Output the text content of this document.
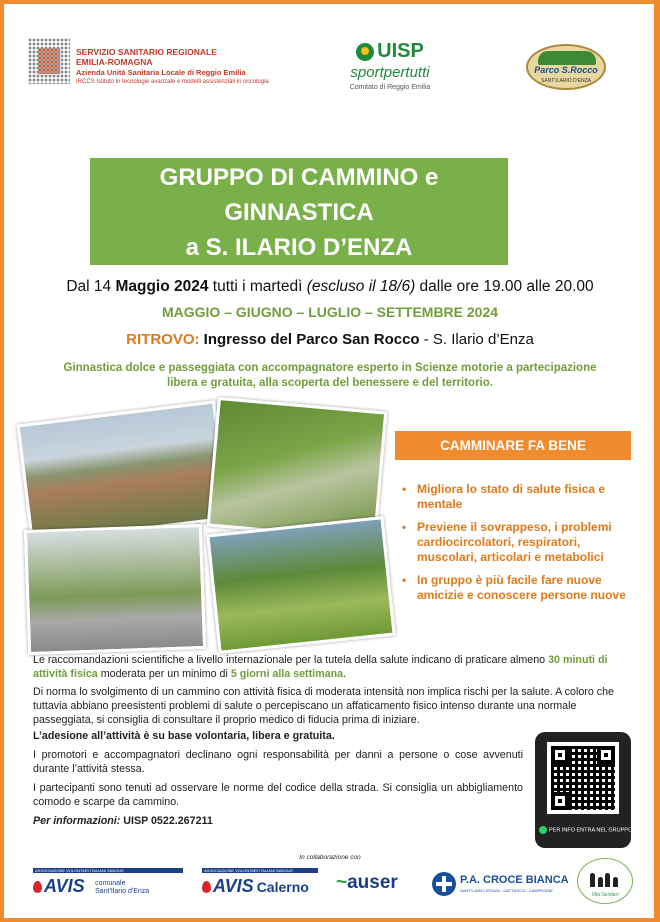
SERVIZIO SANITARIO REGIONALE
EMILIA-ROMAGNA
Azienda Unità Sanitaria Locale di Reggio Emilia
IRCCS Istituto in tecnologie avanzate e modelli assistenziali in oncologia
UISP
sportpertutti
Comitato di Reggio Emilia
Parco S.Rocco
SANT'ILARIO D'ENZA
GRUPPO DI CAMMINO e
GINNASTICA
a S. ILARIO D’ENZA
Dal 14 Maggio 2024 tutti i martedì (escluso il 18/6) dalle ore 19.00 alle 20.00
MAGGIO – GIUGNO – LUGLIO – SETTEMBRE 2024
RITROVO: Ingresso del Parco San Rocco - S. Ilario d’Enza
Ginnastica dolce e passeggiata con accompagnatore esperto in Scienze motorie a partecipazione libera e gratuita, alla scoperta del benessere e del territorio.
CAMMINARE FA BENE
• Migliora lo stato di salute fisica e mentale
• Previene il sovrappeso, i problemi cardiocircolatori, respiratori, muscolari, articolari e metabolici
• In gruppo è più facile fare nuove amicizie e conoscere persone nuove
Le raccomandazioni scientifiche a livello internazionale per la tutela della salute indicano di praticare almeno 30 minuti di attività fisica moderata per un minimo di 5 giorni alla settimana.
Di norma lo svolgimento di un cammino con attività fisica di moderata intensità non implica rischi per la salute. A coloro che tuttavia abbiano preesistenti problemi di salute o percepiscano un affaticamento fisico intenso durante una normale passeggiata, si consiglia di consultare il proprio medico di fiducia prima di iniziare.
L’adesione all’attività è su base volontaria, libera e gratuita.
I promotori e accompagnatori declinano ogni responsabilità per danni a persone o cose avvenuti durante l’attività stessa.
I partecipanti sono tenuti ad osservare le norme del codice della strada. Si consiglia un abbigliamento comodo e scarpe da cammino.
Per informazioni: UISP 0522.267211
PER INFO ENTRA NEL GRUPPO
In collaborazione con
ASSOCIAZIONE VOLONTARI ITALIANI SANGUE
AVIS comunale
Sant'Ilario d'Enza
ASSOCIAZIONE VOLONTARI ITALIANI SANGUE
AVIS Calerno	~auser	P.A. CROCE BIANCA
SANT'ILARIO D'ENZA - GATTATICO - CAMPEGINE
Vita Sentieri
